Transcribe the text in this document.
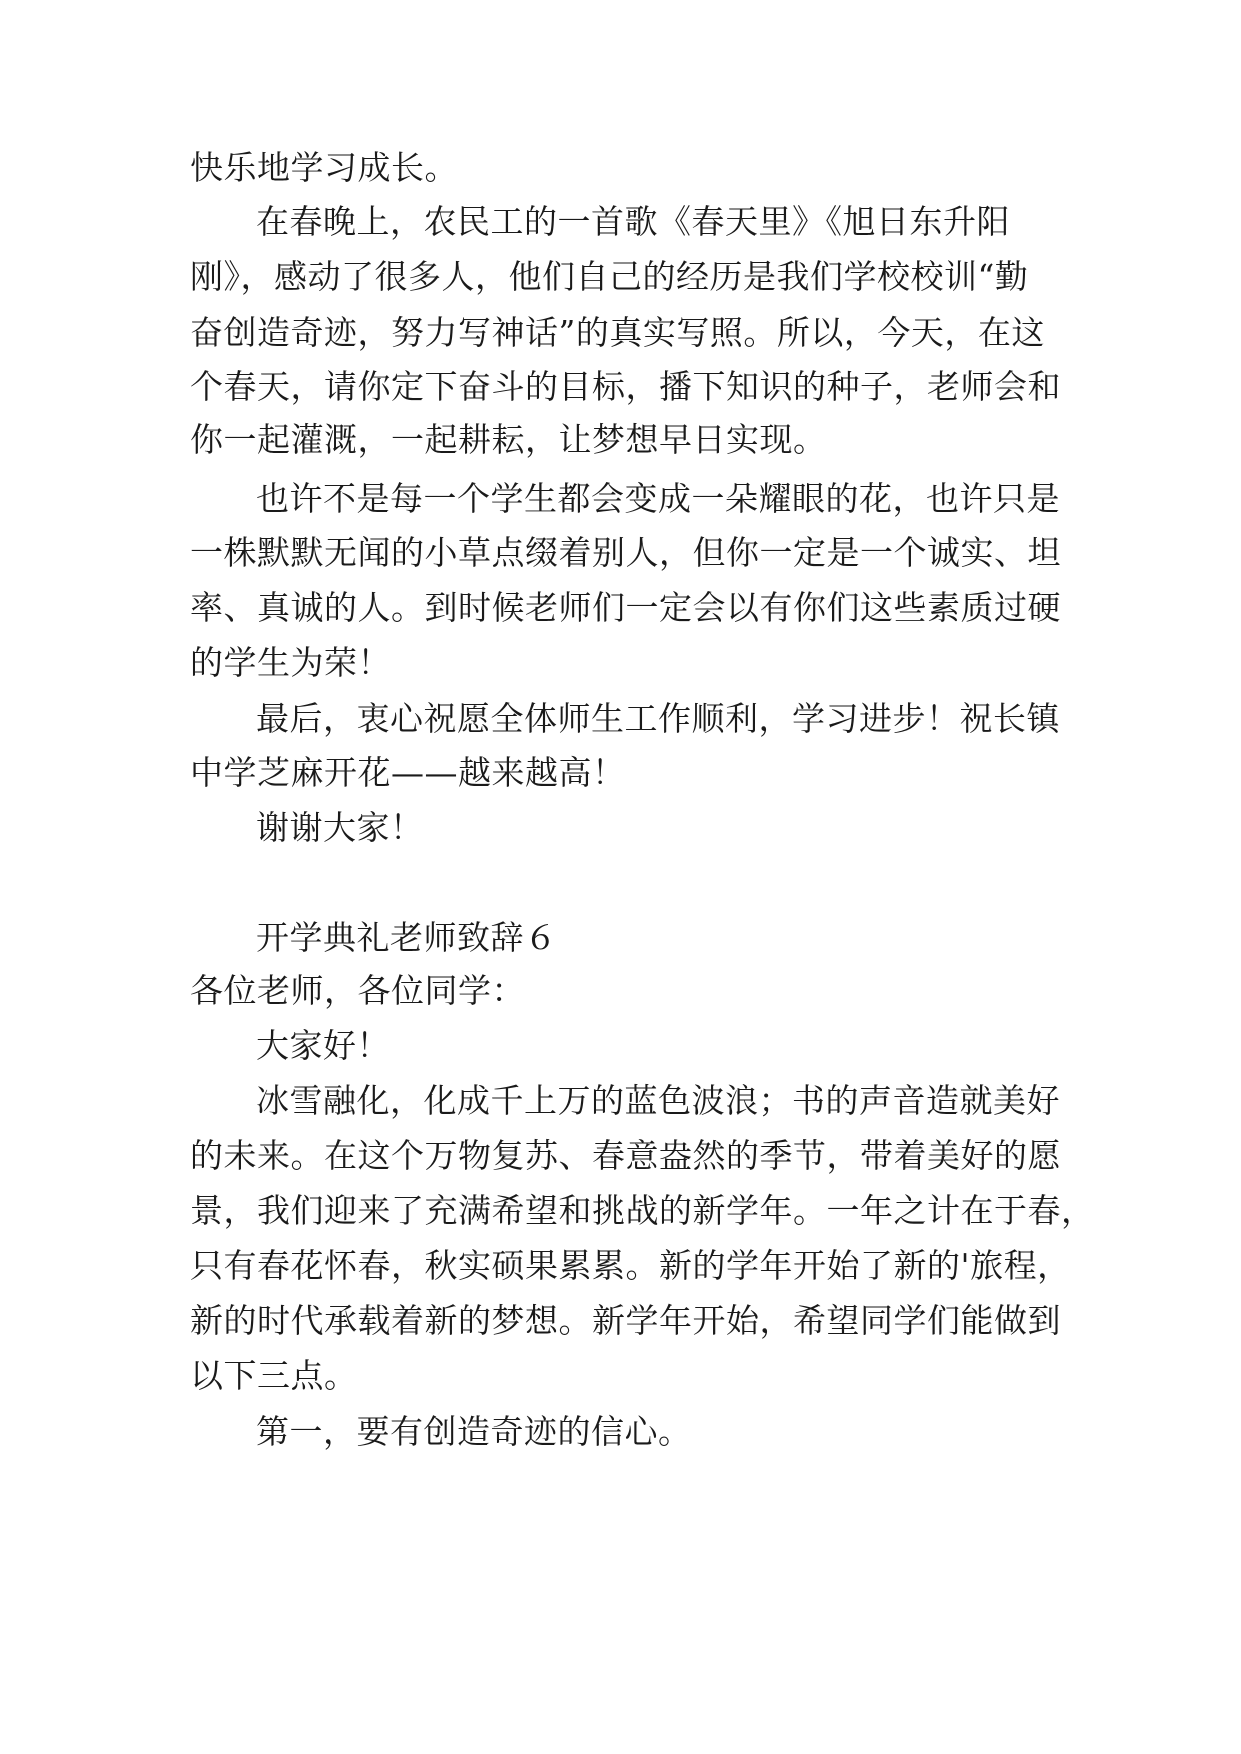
快乐地学习成长。
在春晚上，农民工的一首歌《春天里》《旭日东升阳
刚》，感动了很多人，他们自己的经历是我们学校校训“勤
奋创造奇迹，努力写神话”的真实写照。所以，今天，在这
个春天，请你定下奋斗的目标，播下知识的种子，老师会和
你一起灌溉，一起耕耘，让梦想早日实现。
也许不是每一个学生都会变成一朵耀眼的花，也许只是
一株默默无闻的小草点缀着别人，但你一定是一个诚实、坦
率、真诚的人。到时候老师们一定会以有你们这些素质过硬
的学生为荣！
最后，衷心祝愿全体师生工作顺利，学习进步！祝长镇
中学芝麻开花——越来越高！
谢谢大家！
开学典礼老师致辞６
各位老师，各位同学：
大家好！
冰雪融化，化成千上万的蓝色波浪；书的声音造就美好
的未来。在这个万物复苏、春意盎然的季节，带着美好的愿
景，我们迎来了充满希望和挑战的新学年。一年之计在于春，
只有春花怀春，秋实硕果累累。新的学年开始了新的'旅程，
新的时代承载着新的梦想。新学年开始，希望同学们能做到
以下三点。
第一，要有创造奇迹的信心。
